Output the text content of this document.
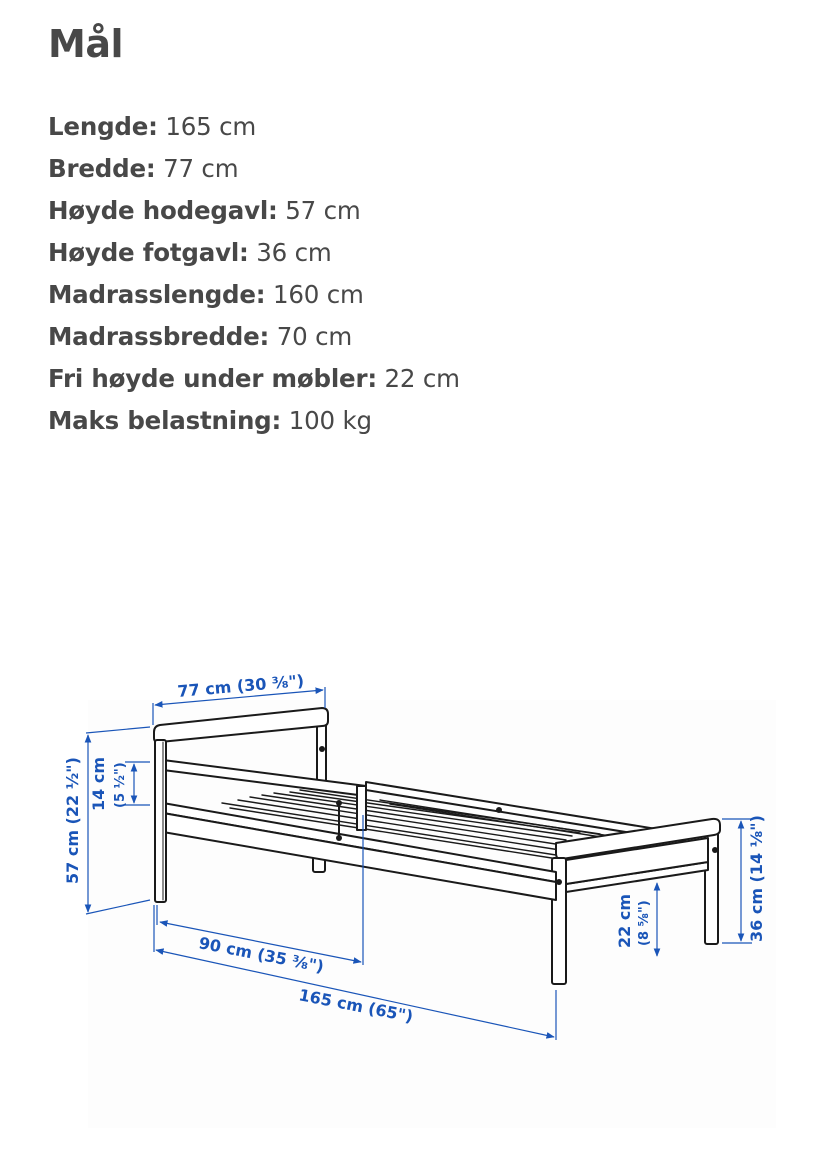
Mål
Lengde: 165 cm
Bredde: 77 cm
Høyde hodegavl: 57 cm
Høyde fotgavl: 36 cm
Madrasslengde: 160 cm
Madrassbredde: 70 cm
Fri høyde under møbler: 22 cm
Maks belastning: 100 kg
77 cm (30 ⅜")
57 cm (22 ½") 14 cm (5 ½")
90 cm (35 ⅜")
165 cm (65")
22 cm (8 ⅝")	36 cm (14 ⅛")
